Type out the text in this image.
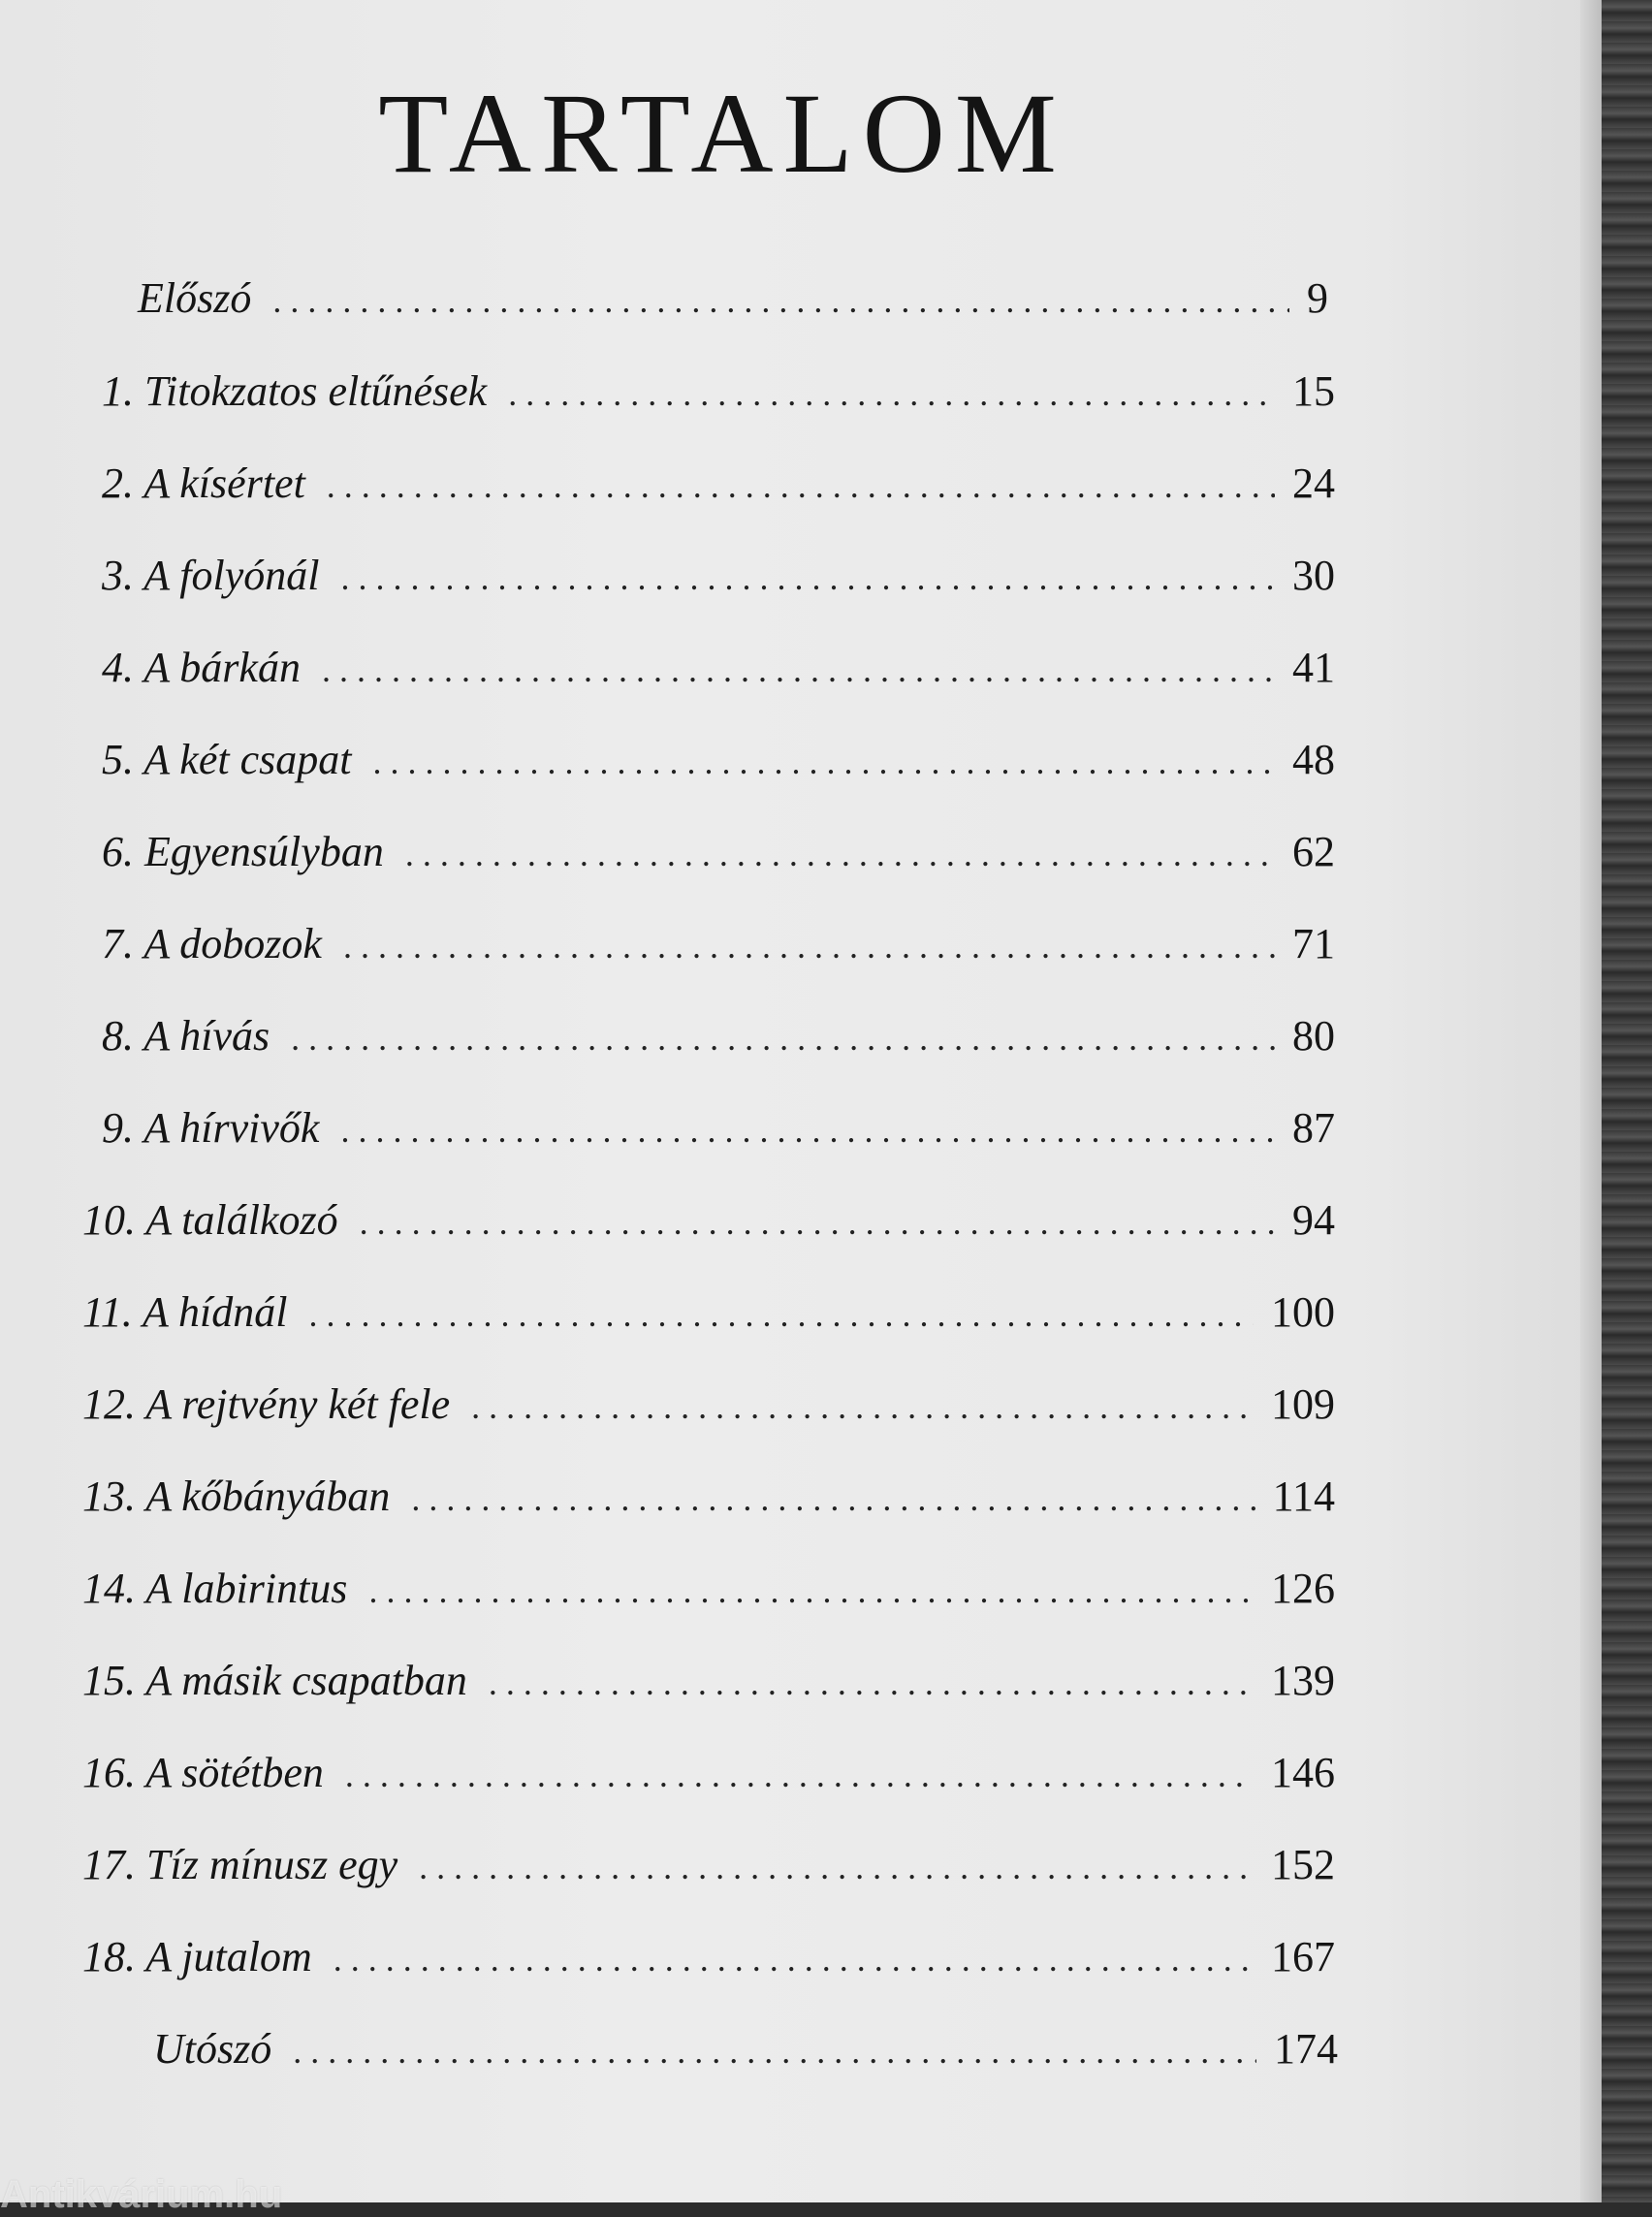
TARTALOM
Előszó . . .	9
1. Titokzatos eltűnések . . .	15
2. A kísértet . . .	24
3. A folyónál . . .	30
4. A bárkán . . .	41
5. A két csapat . . .	48
6. Egyensúlyban . . .	62
7. A dobozok . . .	71
8. A hívás . . .	80
9. A hírvivők . . .	87
10. A találkozó . . .	94
11. A hídnál . . .	100
12. A rejtvény két fele . . .	109
13. A kőbányában . . .	114
14. A labirintus . . .	126
15. A másik csapatban . . .	139
16. A sötétben . . .	146
17. Tíz mínusz egy . . .	152
18. A jutalom . . .	167
Utószó . . .	174
Antikvárium.hu
